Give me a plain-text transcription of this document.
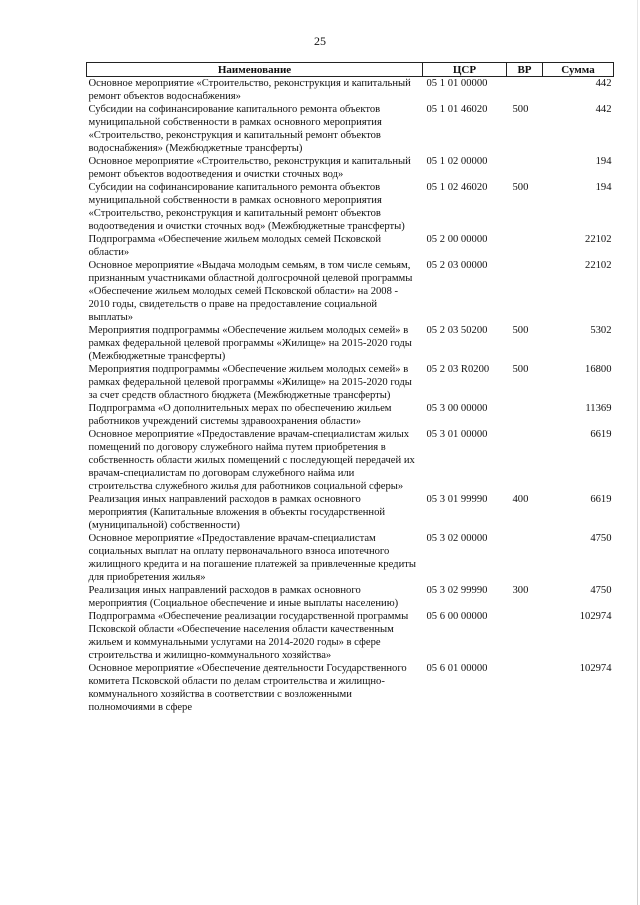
25
Наименование	ЦСР	ВР	Сумма
Основное мероприятие «Строительство, реконструкция и капитальный ремонт объектов водоснабжения»	05 1 01 00000		442
Субсидии на софинансирование капитального ремонта объектов муниципальной собственности в рамках основного мероприятия «Строительство, реконструкция и капитальный ремонт объектов водоснабжения» (Межбюджетные трансферты)	05 1 01 46020	500	442
Основное мероприятие «Строительство, реконструкция и капитальный ремонт объектов водоотведения и очистки сточных вод»	05 1 02 00000		194
Субсидии на софинансирование капитального ремонта объектов муниципальной собственности в рамках основного мероприятия «Строительство, реконструкция и капитальный ремонт объектов водоотведения и очистки сточных вод» (Межбюджетные трансферты)	05 1 02 46020	500	194
Подпрограмма «Обеспечение жильем молодых семей Псковской области»	05 2 00 00000		22102
Основное мероприятие «Выдача молодым семьям, в том числе семьям, признанным участниками областной долгосрочной целевой программы «Обеспечение жильем молодых семей Псковской области» на 2008 - 2010 годы, свидетельств о праве на предоставление социальной выплаты»	05 2 03 00000		22102
Мероприятия подпрограммы «Обеспечение жильем молодых семей» в рамках федеральной целевой программы «Жилище» на 2015-2020 годы (Межбюджетные трансферты)	05 2 03 50200	500	5302
Мероприятия подпрограммы «Обеспечение жильем молодых семей» в рамках федеральной целевой программы «Жилище» на 2015-2020 годы за счет средств областного бюджета (Межбюджетные трансферты)	05 2 03 R0200	500	16800
Подпрограмма «О дополнительных мерах по обеспечению жильем работников учреждений системы здравоохранения области»	05 3 00 00000		11369
Основное мероприятие «Предоставление врачам-специалистам жилых помещений по договору служебного найма путем приобретения в собственность области жилых помещений с последующей передачей их врачам-специалистам по договорам служебного найма или строительства служебного жилья для работников социальной сферы»	05 3 01 00000		6619
Реализация иных направлений расходов в рамках основного мероприятия (Капитальные вложения в объекты государственной (муниципальной) собственности)	05 3 01 99990	400	6619
Основное мероприятие «Предоставление врачам-специалистам социальных выплат на оплату первоначального взноса ипотечного жилищного кредита и на погашение платежей за привлеченные кредиты для приобретения жилья»	05 3 02 00000		4750
Реализация иных направлений расходов в рамках основного мероприятия (Социальное обеспечение и иные выплаты населению)	05 3 02 99990	300	4750
Подпрограмма «Обеспечение реализации государственной программы Псковской области «Обеспечение населения области качественным жильем и коммунальными услугами на 2014-2020 годы» в сфере строительства и жилищно-коммунального хозяйства»	05 6 00 00000		102974
Основное мероприятие «Обеспечение деятельности Государственного комитета Псковской области по делам строительства и жилищно-коммунального хозяйства в соответствии с возложенными полномочиями в сфере	05 6 01 00000		102974
